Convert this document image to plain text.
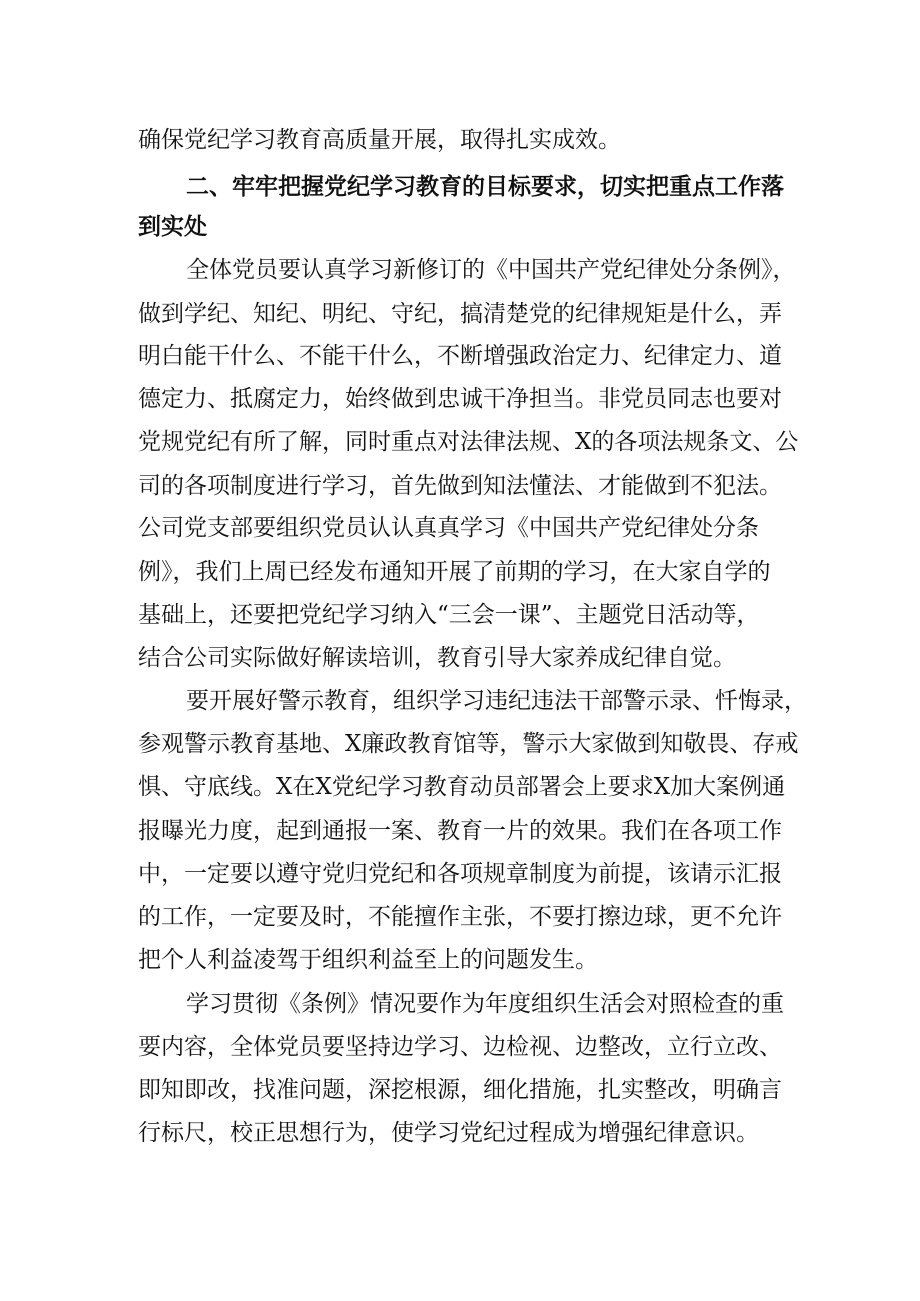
确保党纪学习教育高质量开展，取得扎实成效。
二、牢牢把握党纪学习教育的目标要求，切实把重点工作落
到实处
全体党员要认真学习新修订的《中国共产党纪律处分条例》，
做到学纪、知纪、明纪、守纪，搞清楚党的纪律规矩是什么，弄
明白能干什么、不能干什么，不断增强政治定力、纪律定力、道
德定力、抵腐定力，始终做到忠诚干净担当。非党员同志也要对
党规党纪有所了解，同时重点对法律法规、X的各项法规条文、公
司的各项制度进行学习，首先做到知法懂法、才能做到不犯法。
公司党支部要组织党员认认真真学习《中国共产党纪律处分条
例》，我们上周已经发布通知开展了前期的学习，在大家自学的
基础上，还要把党纪学习纳入“三会一课”、主题党日活动等，
结合公司实际做好解读培训，教育引导大家养成纪律自觉。
要开展好警示教育，组织学习违纪违法干部警示录、忏悔录，
参观警示教育基地、X廉政教育馆等，警示大家做到知敬畏、存戒
惧、守底线。X在X党纪学习教育动员部署会上要求X加大案例通
报曝光力度，起到通报一案、教育一片的效果。我们在各项工作
中，一定要以遵守党归党纪和各项规章制度为前提，该请示汇报
的工作，一定要及时，不能擅作主张，不要打擦边球，更不允许
把个人利益凌驾于组织利益至上的问题发生。
学习贯彻《条例》情况要作为年度组织生活会对照检查的重
要内容，全体党员要坚持边学习、边检视、边整改，立行立改、
即知即改，找准问题，深挖根源，细化措施，扎实整改，明确言
行标尺，校正思想行为，使学习党纪过程成为增强纪律意识。
